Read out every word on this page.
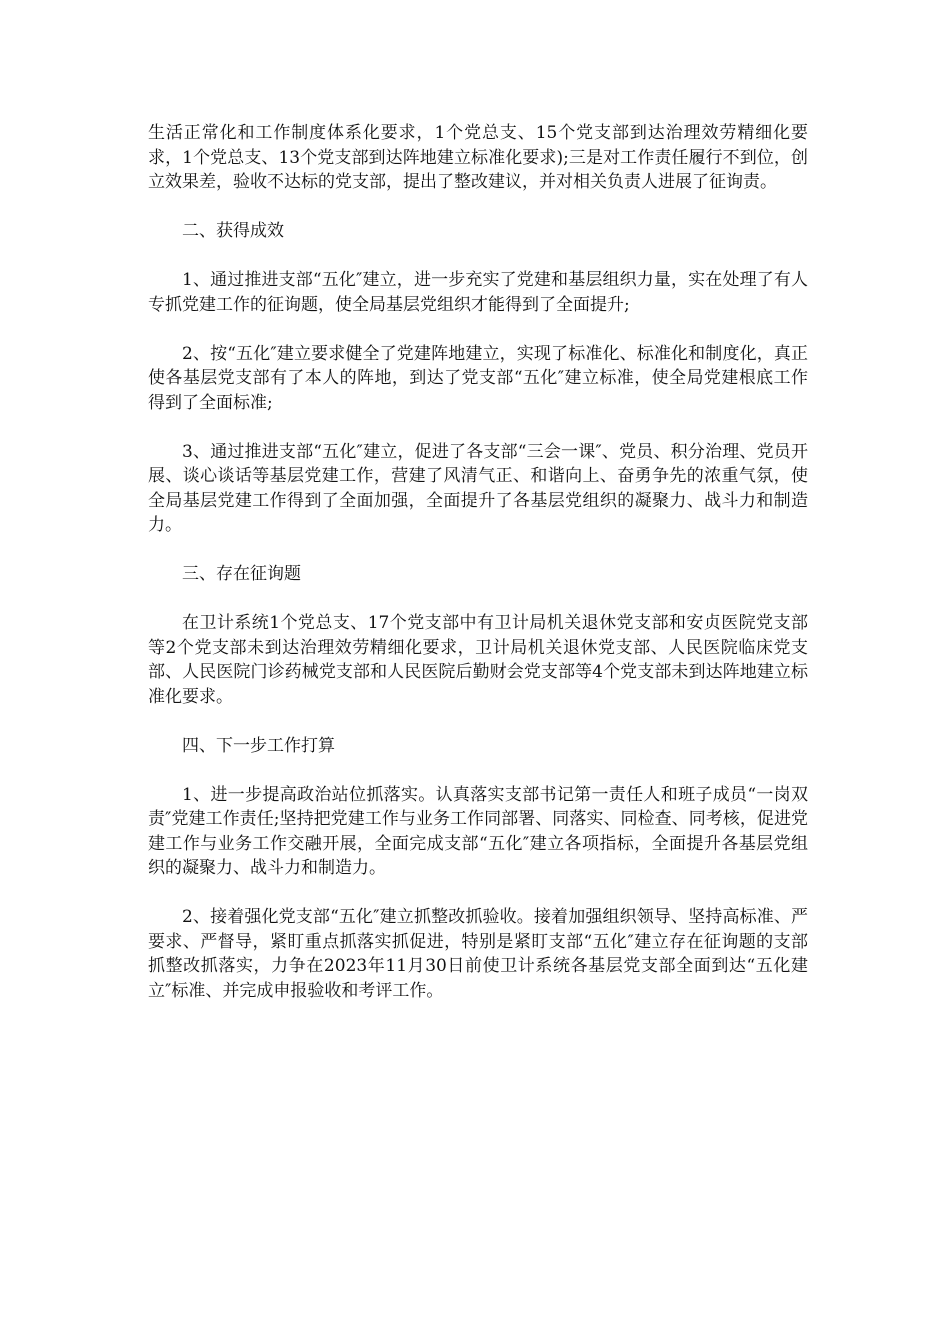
生活正常化和工作制度体系化要求，1个党总支、15个党支部到达治理效劳精细化要求，1个党总支、13个党支部到达阵地建立标准化要求);三是对工作责任履行不到位，创立效果差，验收不达标的党支部，提出了整改建议，并对相关负责人进展了征询责。

二、获得成效

1、通过推进支部“五化″建立，进一步充实了党建和基层组织力量，实在处理了有人专抓党建工作的征询题，使全局基层党组织才能得到了全面提升;

2、按“五化″建立要求健全了党建阵地建立，实现了标准化、标准化和制度化，真正使各基层党支部有了本人的阵地，到达了党支部“五化″建立标准，使全局党建根底工作得到了全面标准;

3、通过推进支部“五化″建立，促进了各支部“三会一课″、党员、积分治理、党员开展、谈心谈话等基层党建工作，营建了风清气正、和谐向上、奋勇争先的浓重气氛，使全局基层党建工作得到了全面加强，全面提升了各基层党组织的凝聚力、战斗力和制造力。

三、存在征询题

在卫计系统1个党总支、17个党支部中有卫计局机关退休党支部和安贞医院党支部等2个党支部未到达治理效劳精细化要求，卫计局机关退休党支部、人民医院临床党支部、人民医院门诊药械党支部和人民医院后勤财会党支部等4个党支部未到达阵地建立标准化要求。

四、下一步工作打算

1、进一步提高政治站位抓落实。认真落实支部书记第一责任人和班子成员“一岗双责″党建工作责任;坚持把党建工作与业务工作同部署、同落实、同检查、同考核，促进党建工作与业务工作交融开展，全面完成支部“五化″建立各项指标，全面提升各基层党组织的凝聚力、战斗力和制造力。

2、接着强化党支部“五化″建立抓整改抓验收。接着加强组织领导、坚持高标准、严要求、严督导，紧盯重点抓落实抓促进，特别是紧盯支部“五化″建立存在征询题的支部抓整改抓落实，力争在2023年11月30日前使卫计系统各基层党支部全面到达“五化建立″标准、并完成申报验收和考评工作。
